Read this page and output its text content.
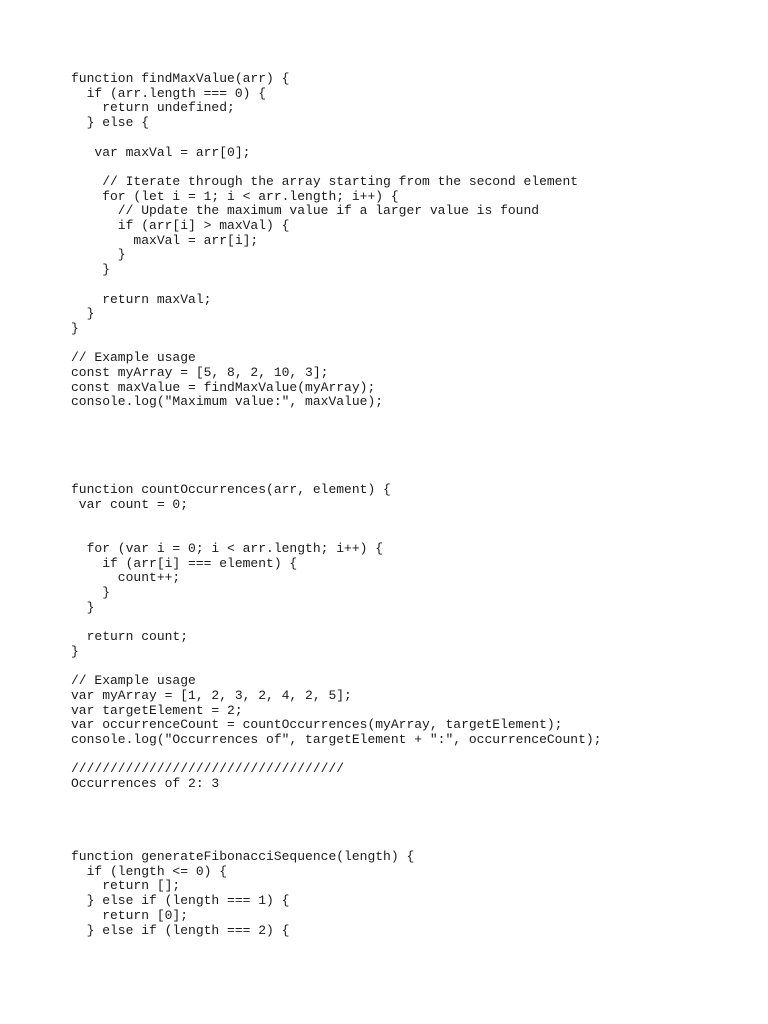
function findMaxValue(arr) {

if (arr.length === 0) {

return undefined;

} else {

var maxVal = arr[0];

// Iterate through the array starting from the second element

for (let i = 1; i < arr.length; i++) {

// Update the maximum value if a larger value is found

if (arr[i] > maxVal) {

maxVal = arr[i];

}

}

return maxVal;

}

}

// Example usage

const myArray = [5, 8, 2, 10, 3];

const maxValue = findMaxValue(myArray);

console.log("Maximum value:", maxValue);

function countOccurrences(arr, element) {

var count = 0;

for (var i = 0; i < arr.length; i++) {

if (arr[i] === element) {

count++;

}

}

return count;

}

// Example usage

var myArray = [1, 2, 3, 2, 4, 2, 5];

var targetElement = 2;

var occurrenceCount = countOccurrences(myArray, targetElement);

console.log("Occurrences of", targetElement + ":", occurrenceCount);

///////////////////////////////////

Occurrences of 2: 3

function generateFibonacciSequence(length) {

if (length <= 0) {

return [];

} else if (length === 1) {

return [0];

} else if (length === 2) {
